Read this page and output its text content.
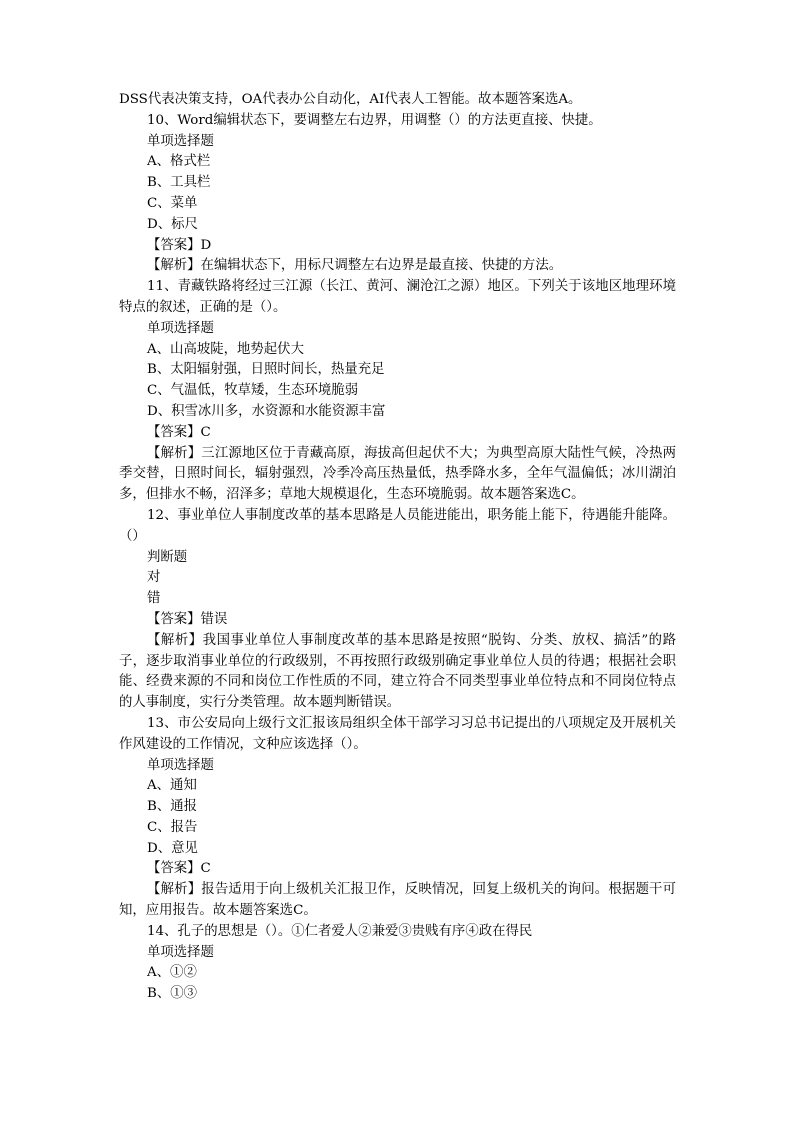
DSS代表决策支持，OA代表办公自动化，AI代表人工智能。故本题答案选A。
10、Word编辑状态下，要调整左右边界，用调整（）的方法更直接、快捷。
单项选择题
A、格式栏
B、工具栏
C、菜单
D、标尺
【答案】D
【解析】在编辑状态下，用标尺调整左右边界是最直接、快捷的方法。
11、青藏铁路将经过三江源（长江、黄河、澜沧江之源）地区。下列关于该地区地理环境特点的叙述，正确的是（）。
单项选择题
A、山高坡陡，地势起伏大
B、太阳辐射强，日照时间长，热量充足
C、气温低，牧草矮，生态环境脆弱
D、积雪冰川多，水资源和水能资源丰富
【答案】C
【解析】三江源地区位于青藏高原，海拔高但起伏不大；为典型高原大陆性气候，冷热两季交替，日照时间长，辐射强烈，冷季冷高压热量低，热季降水多，全年气温偏低；冰川湖泊多，但排水不畅，沼泽多；草地大规模退化，生态环境脆弱。故本题答案选C。
12、事业单位人事制度改革的基本思路是人员能进能出，职务能上能下，待遇能升能降。（）
判断题
对
错
【答案】错误
【解析】我国事业单位人事制度改革的基本思路是按照“脱钩、分类、放权、搞活”的路子，逐步取消事业单位的行政级别，不再按照行政级别确定事业单位人员的待遇；根据社会职能、经费来源的不同和岗位工作性质的不同，建立符合不同类型事业单位特点和不同岗位特点的人事制度，实行分类管理。故本题判断错误。
13、市公安局向上级行文汇报该局组织全体干部学习习总书记提出的八项规定及开展机关作风建设的工作情况，文种应该选择（）。
单项选择题
A、通知
B、通报
C、报告
D、意见
【答案】C
【解析】报告适用于向上级机关汇报卫作，反映情况，回复上级机关的询问。根据题干可知，应用报告。故本题答案选C。
14、孔子的思想是（）。①仁者爱人②兼爱③贵贱有序④政在得民
单项选择题
A、①②
B、①③
